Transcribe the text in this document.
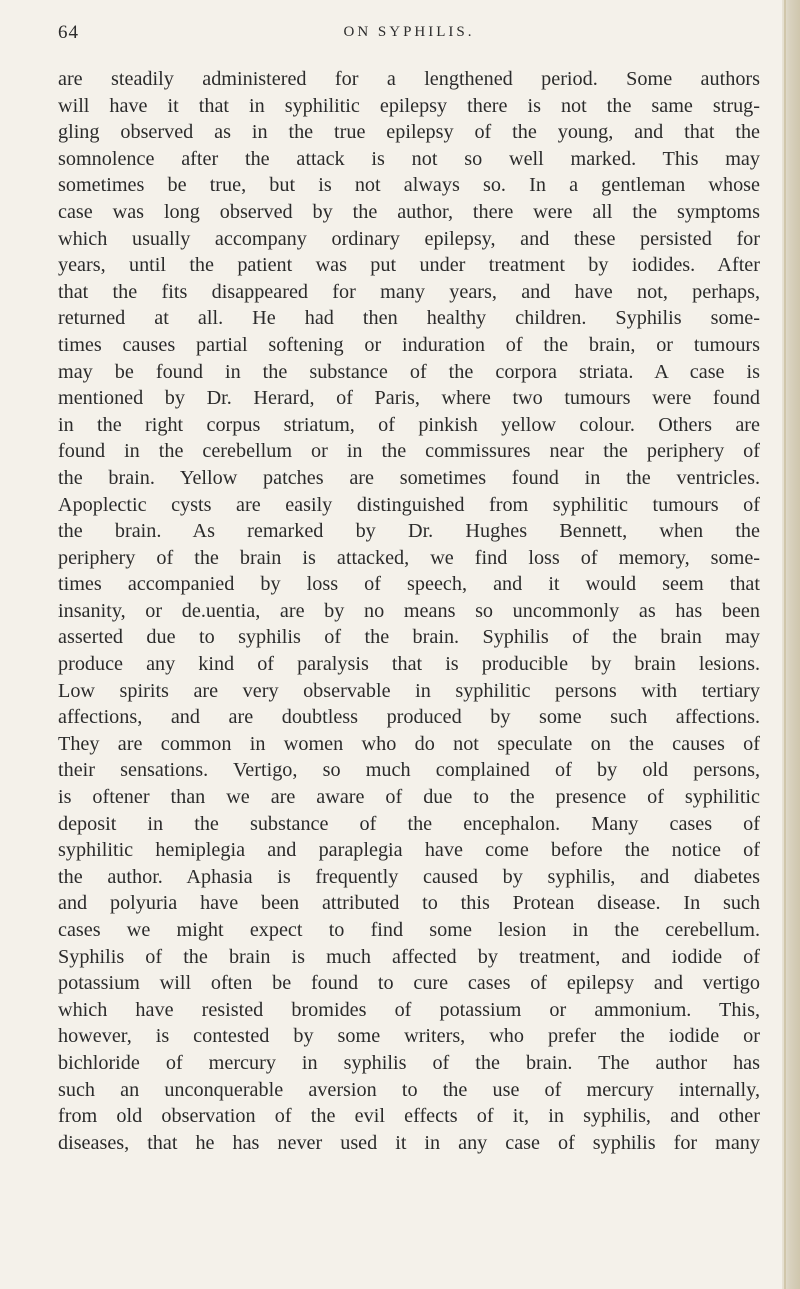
64	ON SYPHILIS.
are steadily administered for a lengthened period. Some authors
will have it that in syphilitic epilepsy there is not the same strug-
gling observed as in the true epilepsy of the young, and that the
somnolence after the attack is not so well marked. This may
sometimes be true, but is not always so. In a gentleman whose
case was long observed by the author, there were all the symptoms
which usually accompany ordinary epilepsy, and these persisted for
years, until the patient was put under treatment by iodides. After
that the fits disappeared for many years, and have not, perhaps,
returned at all. He had then healthy children. Syphilis some-
times causes partial softening or induration of the brain, or tumours
may be found in the substance of the corpora striata. A case is
mentioned by Dr. Herard, of Paris, where two tumours were found
in the right corpus striatum, of pinkish yellow colour. Others are
found in the cerebellum or in the commissures near the periphery of
the brain. Yellow patches are sometimes found in the ventricles.
Apoplectic cysts are easily distinguished from syphilitic tumours of
the brain. As remarked by Dr. Hughes Bennett, when the
periphery of the brain is attacked, we find loss of memory, some-
times accompanied by loss of speech, and it would seem that
insanity, or de.uentia, are by no means so uncommonly as has been
asserted due to syphilis of the brain. Syphilis of the brain may
produce any kind of paralysis that is producible by brain lesions.
Low spirits are very observable in syphilitic persons with tertiary
affections, and are doubtless produced by some such affections.
They are common in women who do not speculate on the causes of
their sensations. Vertigo, so much complained of by old persons,
is oftener than we are aware of due to the presence of syphilitic
deposit in the substance of the encephalon. Many cases of
syphilitic hemiplegia and paraplegia have come before the notice of
the author. Aphasia is frequently caused by syphilis, and diabetes
and polyuria have been attributed to this Protean disease. In such
cases we might expect to find some lesion in the cerebellum.
Syphilis of the brain is much affected by treatment, and iodide of
potassium will often be found to cure cases of epilepsy and vertigo
which have resisted bromides of potassium or ammonium. This,
however, is contested by some writers, who prefer the iodide or
bichloride of mercury in syphilis of the brain. The author has
such an unconquerable aversion to the use of mercury internally,
from old observation of the evil effects of it, in syphilis, and other
diseases, that he has never used it in any case of syphilis for many
